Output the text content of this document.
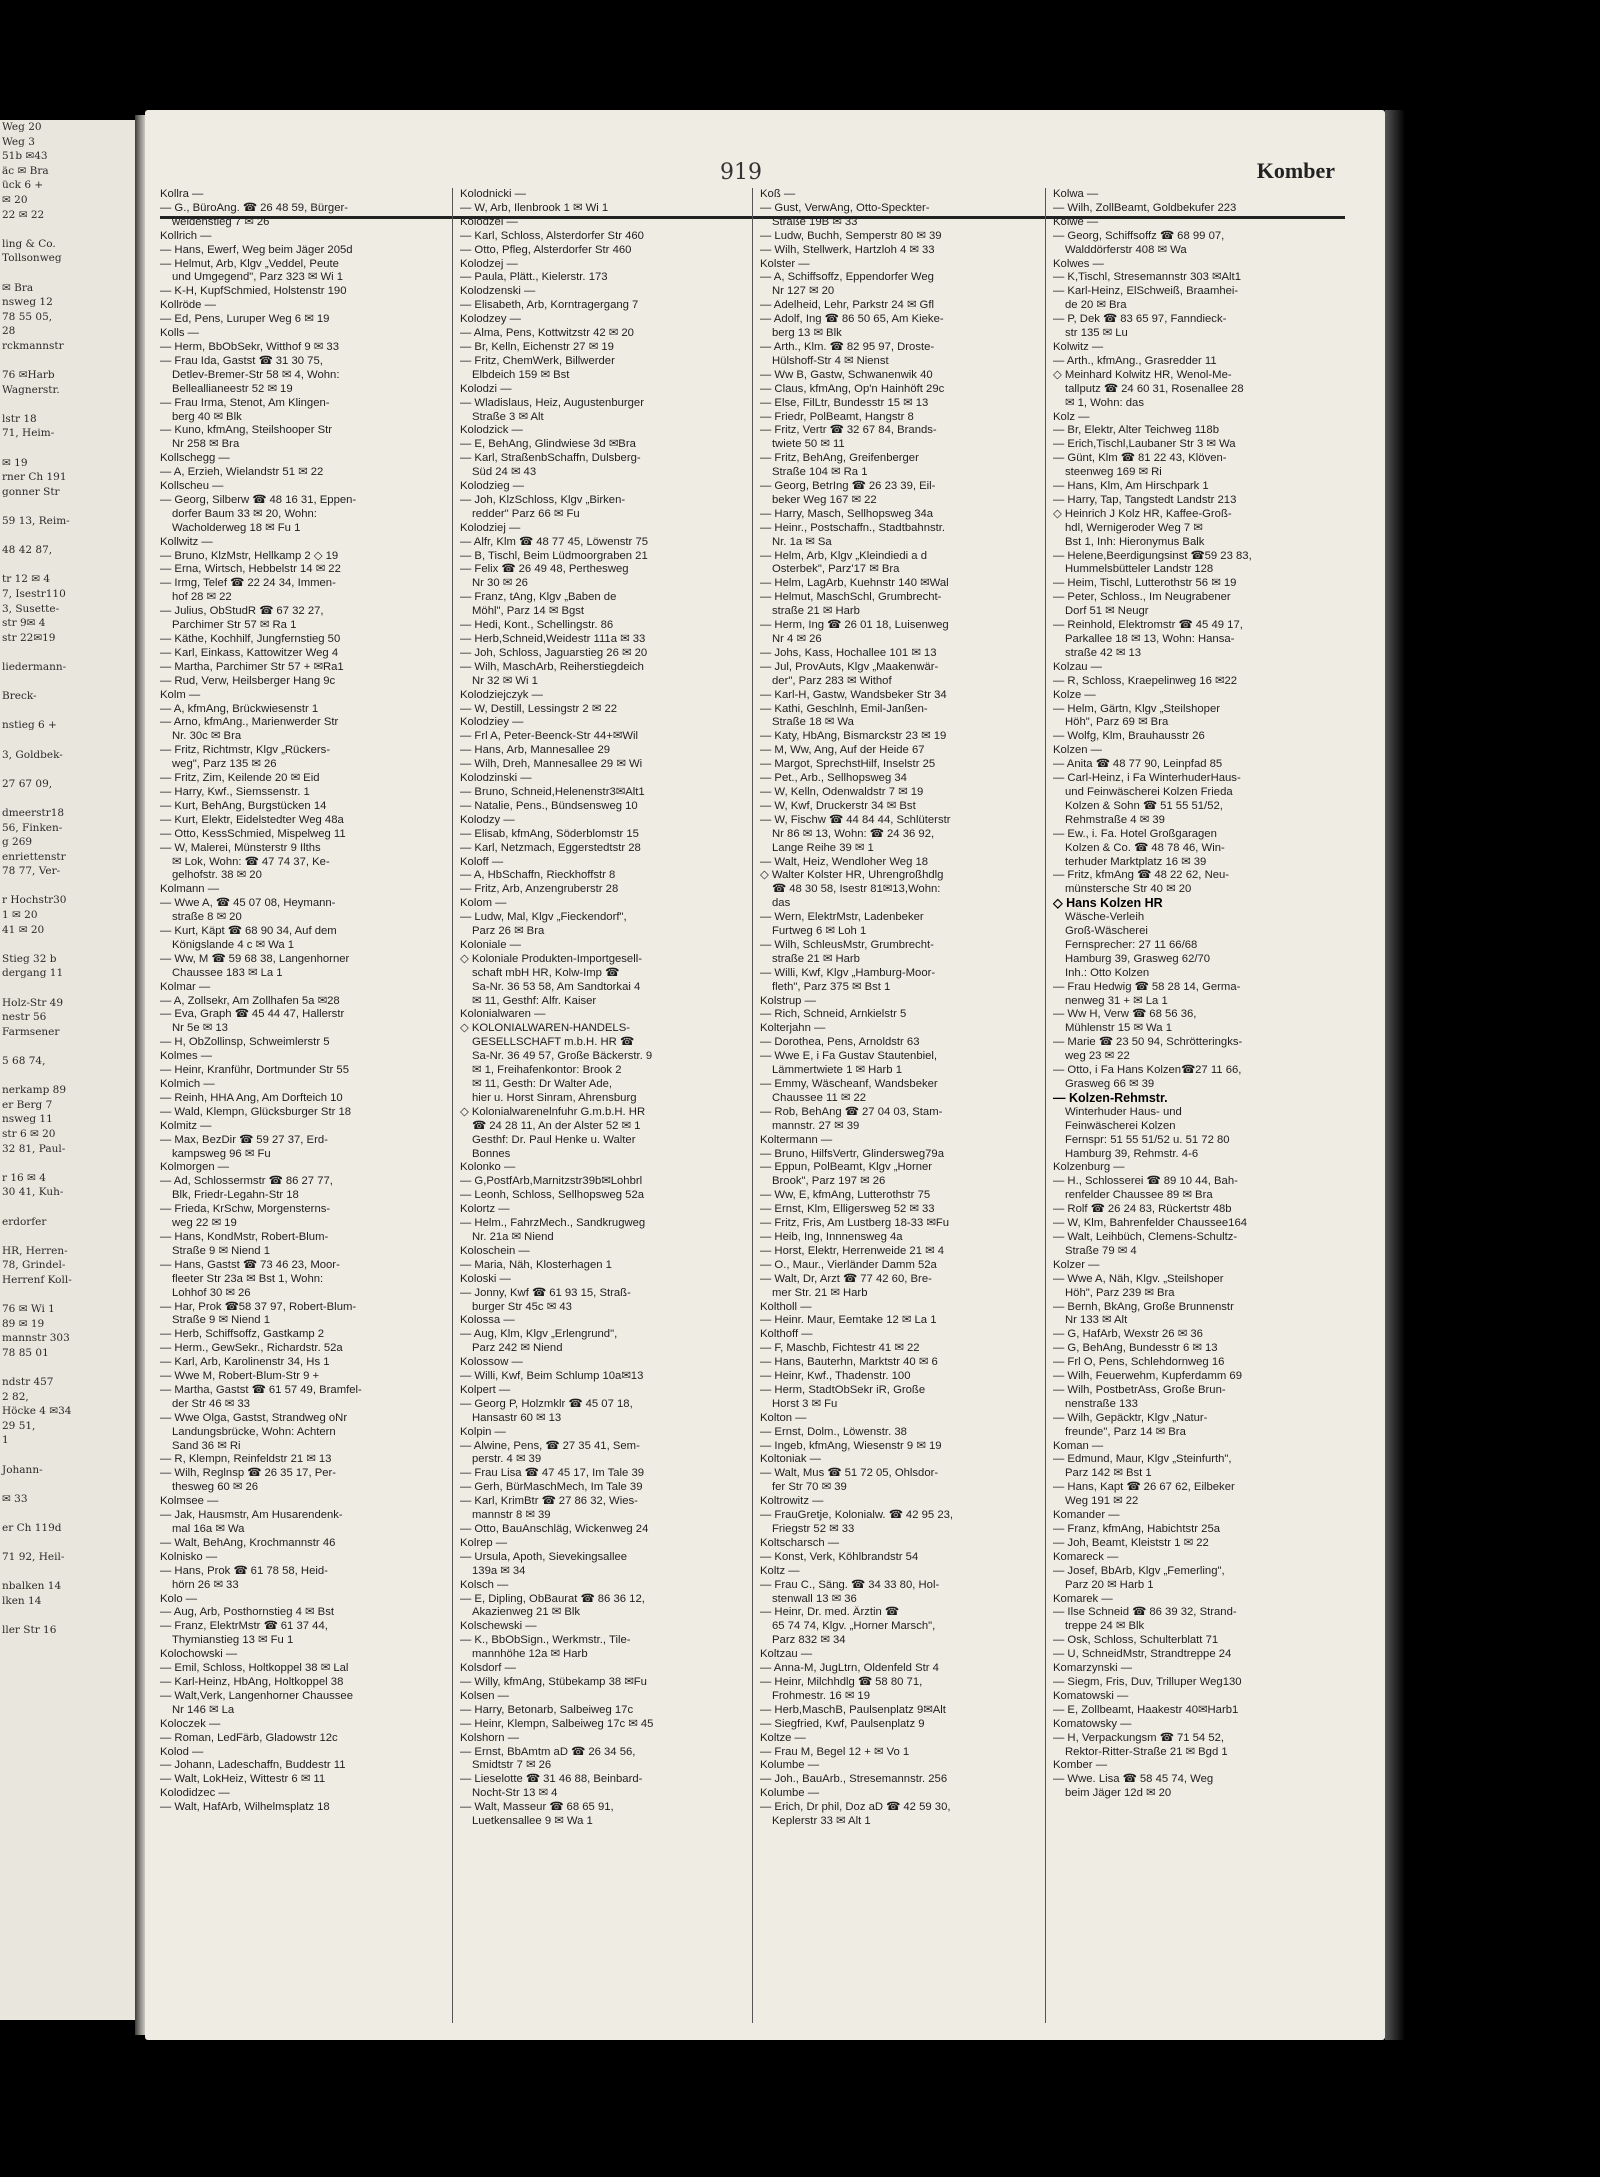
Weg 20
Weg 3
51b ✉43
äc ✉ Bra
ück 6 +
✉ 20
22 ✉ 22

ling & Co.
Tollsonweg

✉ Bra
nsweg 12
78 55 05,
28
rckmannstr

76 ✉Harb
Wagnerstr.

lstr 18
71, Heim-

✉ 19
rner Ch 191
gonner Str

59 13, Reim-

48 42 87,

tr 12 ✉ 4
7, Isestr110
3, Susette-
str 9✉ 4
str 22✉19

liedermann-

Breck-

nstieg 6 +

3, Goldbek-

27 67 09,

dmeerstr18
56, Finken-
g 269
enriettenstr
78 77, Ver-

r Hochstr30
1 ✉ 20
41 ✉ 20

Stieg 32 b
dergang 11

Holz-Str 49
nestr 56
Farmsener

5 68 74,

nerkamp 89
er Berg 7
nsweg 11
str 6 ✉ 20
32 81, Paul-

r 16 ✉ 4
30 41, Kuh-

erdorfer

HR, Herren-
78, Grindel-
Herrenf Koll-

76 ✉ Wi 1
89 ✉ 19
mannstr 303
78 85 01

ndstr 457
2 82,
Höcke 4 ✉34
29 51,
1

Johann-

✉ 33

er Ch 119d

71 92, Heil-

nbalken 14
lken 14

ller Str 16
919	Komber
Kollra —
— G., BüroAng. ☎ 26 48 59, Bürger-
weidenstieg 7 ✉ 26
Kollrich —
— Hans, Ewerf, Weg beim Jäger 205d
— Helmut, Arb, Klgv „Veddel, Peute
und Umgegend", Parz 323 ✉ Wi 1
— K-H, KupfSchmied, Holstenstr 190
Kollröde —
— Ed, Pens, Luruper Weg 6 ✉ 19
Kolls —
— Herm, BbObSekr, Witthof 9 ✉ 33
— Frau Ida, Gastst ☎ 31 30 75,
Detlev-Bremer-Str 58 ✉ 4, Wohn:
Belleallianeestr 52 ✉ 19
— Frau Irma, Stenot, Am Klingen-
berg 40 ✉ Blk
— Kuno, kfmAng, Steilshooper Str
Nr 258 ✉ Bra
Kollschegg —
— A, Erzieh, Wielandstr 51 ✉ 22
Kollscheu —
— Georg, Silberw ☎ 48 16 31, Eppen-
dorfer Baum 33 ✉ 20, Wohn:
Wacholderweg 18 ✉ Fu 1
Kollwitz —
— Bruno, KlzMstr, Hellkamp 2 ◇ 19
— Erna, Wirtsch, Hebbelstr 14 ✉ 22
— Irmg, Telef ☎ 22 24 34, Immen-
hof 28 ✉ 22
— Julius, ObStudR ☎ 67 32 27,
Parchimer Str 57 ✉ Ra 1
— Käthe, Kochhilf, Jungfernstieg 50
— Karl, Einkass, Kattowitzer Weg 4
— Martha, Parchimer Str 57 + ✉Ra1
— Rud, Verw, Heilsberger Hang 9c
Kolm —
— A, kfmAng, Brückwiesenstr 1
— Arno, kfmAng., Marienwerder Str
Nr. 30c ✉ Bra
— Fritz, Richtmstr, Klgv „Rückers-
weg", Parz 135 ✉ 26
— Fritz, Zim, Keilende 20 ✉ Eid
— Harry, Kwf., Siemssenstr. 1
— Kurt, BehAng, Burgstücken 14
— Kurt, Elektr, Eidelstedter Weg 48a
— Otto, KessSchmied, Mispelweg 11
— W, Malerei, Münsterstr 9 Ilths
✉ Lok, Wohn: ☎ 47 74 37, Ke-
gelhofstr. 38 ✉ 20
Kolmann —
— Wwe A, ☎ 45 07 08, Heymann-
straße 8 ✉ 20
— Kurt, Käpt ☎ 68 90 34, Auf dem
Königslande 4 c ✉ Wa 1
— Ww, M ☎ 59 68 38, Langenhorner
Chaussee 183 ✉ La 1
Kolmar —
— A, Zollsekr, Am Zollhafen 5a ✉28
— Eva, Graph ☎ 45 44 47, Hallerstr
Nr 5e ✉ 13
— H, ObZollinsp, Schweimlerstr 5
Kolmes —
— Heinr, Kranführ, Dortmunder Str 55
Kolmich —
— Reinh, HHA Ang, Am Dorfteich 10
— Wald, Klempn, Glücksburger Str 18
Kolmitz —
— Max, BezDir ☎ 59 27 37, Erd-
kampsweg 96 ✉ Fu
Kolmorgen —
— Ad, Schlossermstr ☎ 86 27 77,
Blk, Friedr-Legahn-Str 18
— Frieda, KrSchw, Morgensterns-
weg 22 ✉ 19
— Hans, KondMstr, Robert-Blum-
Straße 9 ✉ Niend 1
— Hans, Gastst ☎ 73 46 23, Moor-
fleeter Str 23a ✉ Bst 1, Wohn:
Lohhof 30 ✉ 26
— Har, Prok ☎58 37 97, Robert-Blum-
Straße 9 ✉ Niend 1
— Herb, Schiffsoffz, Gastkamp 2
— Herm., GewSekr., Richardstr. 52a
— Karl, Arb, Karolinenstr 34, Hs 1
— Wwe M, Robert-Blum-Str 9 +
— Martha, Gastst ☎ 61 57 49, Bramfel-
der Str 46 ✉ 33
— Wwe Olga, Gastst, Strandweg oNr
Landungsbrücke, Wohn: Achtern
Sand 36 ✉ Ri
— R, Klempn, Reinfeldstr 21 ✉ 13
— Wilh, Reglnsp ☎ 26 35 17, Per-
thesweg 60 ✉ 26
Kolmsee —
— Jak, Hausmstr, Am Husarendenk-
mal 16a ✉ Wa
— Walt, BehAng, Krochmannstr 46
Kolnisko —
— Hans, Prok ☎ 61 78 58, Heid-
hörn 26 ✉ 33
Kolo —
— Aug, Arb, Posthornstieg 4 ✉ Bst
— Franz, ElektrMstr ☎ 61 37 44,
Thymianstieg 13 ✉ Fu 1
Kolochowski —
— Emil, Schloss, Holtkoppel 38 ✉ Lal
— Karl-Heinz, HbAng, Holtkoppel 38
— Walt,Verk, Langenhorner Chaussee
Nr 146 ✉ La
Koloczek —
— Roman, LedFärb, Gladowstr 12c
Kolod —
— Johann, Ladeschaffn, Buddestr 11
— Walt, LokHeiz, Wittestr 6 ✉ 11
Kolodidzec —
— Walt, HafArb, Wilhelmsplatz 18
Kolodnicki —
— W, Arb, Ilenbrook 1 ✉ Wi 1
Kolodzei —
— Karl, Schloss, Alsterdorfer Str 460
— Otto, Pfleg, Alsterdorfer Str 460
Kolodzej —
— Paula, Plätt., Kielerstr. 173
Kolodzenski —
— Elisabeth, Arb, Korntragergang 7
Kolodzey —
— Alma, Pens, Kottwitzstr 42 ✉ 20
— Br, Kelln, Eichenstr 27 ✉ 19
— Fritz, ChemWerk, Billwerder
Elbdeich 159 ✉ Bst
Kolodzi —
— Wladislaus, Heiz, Augustenburger
Straße 3 ✉ Alt
Kolodzick —
— E, BehAng, Glindwiese 3d ✉Bra
— Karl, StraßenbSchaffn, Dulsberg-
Süd 24 ✉ 43
Kolodzieg —
— Joh, KlzSchloss, Klgv „Birken-
redder" Parz 66 ✉ Fu
Kolodziej —
— Alfr, Klm ☎ 48 77 45, Löwenstr 75
— B, Tischl, Beim Lüdmoorgraben 21
— Felix ☎ 26 49 48, Perthesweg
Nr 30 ✉ 26
— Franz, tAng, Klgv „Baben de
Möhl", Parz 14 ✉ Bgst
— Hedi, Kont., Schellingstr. 86
— Herb,Schneid,Weidestr 111a ✉ 33
— Joh, Schloss, Jaguarstieg 26 ✉ 20
— Wilh, MaschArb, Reiherstiegdeich
Nr 32 ✉ Wi 1
Kolodziejczyk —
— W, Destill, Lessingstr 2 ✉ 22
Kolodziey —
— Frl A, Peter-Beenck-Str 44+✉Wil
— Hans, Arb, Mannesallee 29
— Wilh, Dreh, Mannesallee 29 ✉ Wi
Kolodzinski —
— Bruno, Schneid,Helenenstr3✉Alt1
— Natalie, Pens., Bündsensweg 10
Kolodzy —
— Elisab, kfmAng, Söderblomstr 15
— Karl, Netzmach, Eggerstedtstr 28
Koloff —
— A, HbSchaffn, Rieckhoffstr 8
— Fritz, Arb, Anzengruberstr 28
Kolom —
— Ludw, Mal, Klgv „Fieckendorf",
Parz 26 ✉ Bra
Koloniale —
◇ Koloniale Produkten-Importgesell-
schaft mbH HR, Kolw-Imp ☎
Sa-Nr. 36 53 58, Am Sandtorkai 4
✉ 11, Gesthf: Alfr. Kaiser
Kolonialwaren —
◇ KOLONIALWAREN-HANDELS-
GESELLSCHAFT m.b.H. HR ☎
Sa-Nr. 36 49 57, Große Bäckerstr. 9
✉ 1, Freihafenkontor: Brook 2
✉ 11, Gesth: Dr Walter Ade,
hier u. Horst Sinram, Ahrensburg
◇ Kolonialwarenelnfuhr G.m.b.H. HR
☎ 24 28 11, An der Alster 52 ✉ 1
Gesthf: Dr. Paul Henke u. Walter
Bonnes
Kolonko —
— G,PostfArb,Marnitzstr39b✉Lohbrl
— Leonh, Schloss, Sellhopsweg 52a
Kolortz —
— Helm., FahrzMech., Sandkrugweg
Nr. 21a ✉ Niend
Koloschein —
— Maria, Näh, Klosterhagen 1
Koloski —
— Jonny, Kwf ☎ 61 93 15, Straß-
burger Str 45c ✉ 43
Kolossa —
— Aug, Klm, Klgv „Erlengrund",
Parz 242 ✉ Niend
Kolossow —
— Willi, Kwf, Beim Schlump 10a✉13
Kolpert —
— Georg P, Holzmklr ☎ 45 07 18,
Hansastr 60 ✉ 13
Kolpin —
— Alwine, Pens, ☎ 27 35 41, Sem-
perstr. 4 ✉ 39
— Frau Lisa ☎ 47 45 17, Im Tale 39
— Gerh, BürMaschMech, Im Tale 39
— Karl, KrimBtr ☎ 27 86 32, Wies-
mannstr 8 ✉ 39
— Otto, BauAnschläg, Wickenweg 24
Kolrep —
— Ursula, Apoth, Sievekingsallee
139a ✉ 34
Kolsch —
— E, Dipling, ObBaurat ☎ 86 36 12,
Akazienweg 21 ✉ Blk
Kolschewski —
— K., BbObSign., Werkmstr., Tile-
mannhöhe 12a ✉ Harb
Kolsdorf —
— Willy, kfmAng, Stübekamp 38 ✉Fu
Kolsen —
— Harry, Betonarb, Salbeiweg 17c
— Heinr, Klempn, Salbeiweg 17c ✉ 45
Kolshorn —
— Ernst, BbAmtm aD ☎ 26 34 56,
Smidtstr 7 ✉ 26
— Lieselotte ☎ 31 46 88, Beinbard-
Nocht-Str 13 ✉ 4
— Walt, Masseur ☎ 68 65 91,
Luetkensallee 9 ✉ Wa 1
Koß —
— Gust, VerwAng, Otto-Speckter-
Straße 19B ✉ 33
— Ludw, Buchh, Semperstr 80 ✉ 39
— Wilh, Stellwerk, Hartzloh 4 ✉ 33
Kolster —
— A, Schiffsoffz, Eppendorfer Weg
Nr 127 ✉ 20
— Adelheid, Lehr, Parkstr 24 ✉ Gfl
— Adolf, Ing ☎ 86 50 65, Am Kieke-
berg 13 ✉ Blk
— Arth., Klm. ☎ 82 95 97, Droste-
Hülshoff-Str 4 ✉ Nienst
— Ww B, Gastw, Schwanenwik 40
— Claus, kfmAng, Op'n Hainhöft 29c
— Else, FilLtr, Bundesstr 15 ✉ 13
— Friedr, PolBeamt, Hangstr 8
— Fritz, Vertr ☎ 32 67 84, Brands-
twiete 50 ✉ 11
— Fritz, BehAng, Greifenberger
Straße 104 ✉ Ra 1
— Georg, BetrIng ☎ 26 23 39, Eil-
beker Weg 167 ✉ 22
— Harry, Masch, Sellhopsweg 34a
— Heinr., Postschaffn., Stadtbahnstr.
Nr. 1a ✉ Sa
— Helm, Arb, Klgv „Kleindiedi a d
Osterbek", Parz'17 ✉ Bra
— Helm, LagArb, Kuehnstr 140 ✉Wal
— Helmut, MaschSchl, Grumbrecht-
straße 21 ✉ Harb
— Herm, Ing ☎ 26 01 18, Luisenweg
Nr 4 ✉ 26
— Johs, Kass, Hochallee 101 ✉ 13
— Jul, ProvAuts, Klgv „Maakenwär-
der", Parz 283 ✉ Withof
— Karl-H, Gastw, Wandsbeker Str 34
— Kathi, Geschlnh, Emil-Janßen-
Straße 18 ✉ Wa
— Katy, HbAng, Bismarckstr 23 ✉ 19
— M, Ww, Ang, Auf der Heide 67
— Margot, SprechstHilf, Inselstr 25
— Pet., Arb., Sellhopsweg 34
— W, Kelln, Odenwaldstr 7 ✉ 19
— W, Kwf, Druckerstr 34 ✉ Bst
— W, Fischw ☎ 44 84 44, Schlüterstr
Nr 86 ✉ 13, Wohn: ☎ 24 36 92,
Lange Reihe 39 ✉ 1
— Walt, Heiz, Wendloher Weg 18
◇ Walter Kolster HR, Uhrengroßhdlg
☎ 48 30 58, Isestr 81✉13,Wohn:
das
— Wern, ElektrMstr, Ladenbeker
Furtweg 6 ✉ Loh 1
— Wilh, SchleusMstr, Grumbrecht-
straße 21 ✉ Harb
— Willi, Kwf, Klgv „Hamburg-Moor-
fleth", Parz 375 ✉ Bst 1
Kolstrup —
— Rich, Schneid, Arnkielstr 5
Kolterjahn —
— Dorothea, Pens, Arnoldstr 63
— Wwe E, i Fa Gustav Stautenbiel,
Lämmertwiete 1 ✉ Harb 1
— Emmy, Wäscheanf, Wandsbeker
Chaussee 11 ✉ 22
— Rob, BehAng ☎ 27 04 03, Stam-
mannstr. 27 ✉ 39
Koltermann —
— Bruno, HilfsVertr, Glindersweg79a
— Eppun, PolBeamt, Klgv „Horner
Brook", Parz 197 ✉ 26
— Ww, E, kfmAng, Lutterothstr 75
— Ernst, Klm, Elligersweg 52 ✉ 33
— Fritz, Fris, Am Lustberg 18-33 ✉Fu
— Heib, Ing, Innnensweg 4a
— Horst, Elektr, Herrenweide 21 ✉ 4
— O., Maur., Vierländer Damm 52a
— Walt, Dr, Arzt ☎ 77 42 60, Bre-
mer Str. 21 ✉ Harb
Koltholl —
— Heinr. Maur, Eemtake 12 ✉ La 1
Kolthoff —
— F, Maschb, Fichtestr 41 ✉ 22
— Hans, Bauterhn, Marktstr 40 ✉ 6
— Heinr, Kwf., Thadenstr. 100
— Herm, StadtObSekr iR, Große
Horst 3 ✉ Fu
Kolton —
— Ernst, Dolm., Löwenstr. 38
— Ingeb, kfmAng, Wiesenstr 9 ✉ 19
Koltoniak —
— Walt, Mus ☎ 51 72 05, Ohlsdor-
fer Str 70 ✉ 39
Koltrowitz —
— FrauGretje, Kolonialw. ☎ 42 95 23,
Friegstr 52 ✉ 33
Koltscharsch —
— Konst, Verk, Köhlbrandstr 54
Koltz —
— Frau C., Säng. ☎ 34 33 80, Hol-
stenwall 13 ✉ 36
— Heinr, Dr. med. Ärztin ☎
65 74 74, Klgv. „Horner Marsch",
Parz 832 ✉ 34
Koltzau —
— Anna-M, JugLtrn, Oldenfeld Str 4
— Heinr, Milchhdlg ☎ 58 80 71,
Frohmestr. 16 ✉ 19
— Herb,MaschB, Paulsenplatz 9✉Alt
— Siegfried, Kwf, Paulsenplatz 9
Koltze —
— Frau M, Begel 12 + ✉ Vo 1
Kolumbe —
— Joh., BauArb., Stresemannstr. 256
Kolumbe —
— Erich, Dr phil, Doz aD ☎ 42 59 30,
Keplerstr 33 ✉ Alt 1
Kolwa —
— Wilh, ZollBeamt, Goldbekufer 223
Kolwe —
— Georg, Schiffsoffz ☎ 68 99 07,
Walddörferstr 408 ✉ Wa
Kolwes —
— K,Tischl, Stresemannstr 303 ✉Alt1
— Karl-Heinz, ElSchweiß, Braamhei-
de 20 ✉ Bra
— P, Dek ☎ 83 65 97, Fanndieck-
str 135 ✉ Lu
Kolwitz —
— Arth., kfmAng., Grasredder 11
◇ Meinhard Kolwitz HR, Wenol-Me-
tallputz ☎ 24 60 31, Rosenallee 28
✉ 1, Wohn: das
Kolz —
— Br, Elektr, Alter Teichweg 118b
— Erich,Tischl,Laubaner Str 3 ✉ Wa
— Günt, Klm ☎ 81 22 43, Klöven-
steenweg 169 ✉ Ri
— Hans, Klm, Am Hirschpark 1
— Harry, Tap, Tangstedt Landstr 213
◇ Heinrich J Kolz HR, Kaffee-Groß-
hdl, Wernigeroder Weg 7 ✉
Bst 1, Inh: Hieronymus Balk
— Helene,Beerdigungsinst ☎59 23 83,
Hummelsbütteler Landstr 128
— Heim, Tischl, Lutterothstr 56 ✉ 19
— Peter, Schloss., Im Neugrabener
Dorf 51 ✉ Neugr
— Reinhold, Elektromstr ☎ 45 49 17,
Parkallee 18 ✉ 13, Wohn: Hansa-
straße 42 ✉ 13
Kolzau —
— R, Schloss, Kraepelinweg 16 ✉22
Kolze —
— Helm, Gärtn, Klgv „Steilshoper
Höh", Parz 69 ✉ Bra
— Wolfg, Klm, Brauhausstr 26
Kolzen —
— Anita ☎ 48 77 90, Leinpfad 85
— Carl-Heinz, i Fa WinterhuderHaus-
und Feinwäscherei Kolzen Frieda
Kolzen & Sohn ☎ 51 55 51/52,
Rehmstraße 4 ✉ 39
— Ew., i. Fa. Hotel Großgaragen
Kolzen & Co. ☎ 48 78 46, Win-
terhuder Marktplatz 16 ✉ 39
— Fritz, kfmAng ☎ 48 22 62, Neu-
münstersche Str 40 ✉ 20
◇ Hans Kolzen HR
Wäsche-Verleih
Groß-Wäscherei
Fernsprecher: 27 11 66/68
Hamburg 39, Grasweg 62/70
Inh.: Otto Kolzen
— Frau Hedwig ☎ 58 28 14, Germa-
nenweg 31 + ✉ La 1
— Ww H, Verw ☎ 68 56 36,
Mühlenstr 15 ✉ Wa 1
— Marie ☎ 23 50 94, Schrötteringks-
weg 23 ✉ 22
— Otto, i Fa Hans Kolzen☎27 11 66,
Grasweg 66 ✉ 39
— Kolzen-Rehmstr.
Winterhuder Haus- und
Feinwäscherei Kolzen
Fernspr: 51 55 51/52 u. 51 72 80
Hamburg 39, Rehmstr. 4-6
Kolzenburg —
— H., Schlosserei ☎ 89 10 44, Bah-
renfelder Chaussee 89 ✉ Bra
— Rolf ☎ 26 24 83, Rückertstr 48b
— W, Klm, Bahrenfelder Chaussee164
— Walt, Leihbüch, Clemens-Schultz-
Straße 79 ✉ 4
Kolzer —
— Wwe A, Näh, Klgv. „Steilshoper
Höh", Parz 239 ✉ Bra
— Bernh, BkAng, Große Brunnenstr
Nr 133 ✉ Alt
— G, HafArb, Wexstr 26 ✉ 36
— G, BehAng, Bundesstr 6 ✉ 13
— Frl O, Pens, Schlehdornweg 16
— Wilh, Feuerwehm, Kupferdamm 69
— Wilh, PostbetrAss, Große Brun-
nenstraße 133
— Wilh, Gepäcktr, Klgv „Natur-
freunde", Parz 14 ✉ Bra
Koman —
— Edmund, Maur, Klgv „Steinfurth",
Parz 142 ✉ Bst 1
— Hans, Kapt ☎ 26 67 62, Eilbeker
Weg 191 ✉ 22
Komander —
— Franz, kfmAng, Habichtstr 25a
— Joh, Beamt, Kleiststr 1 ✉ 22
Komareck —
— Josef, BbArb, Klgv „Femerling",
Parz 20 ✉ Harb 1
Komarek —
— Ilse Schneid ☎ 86 39 32, Strand-
treppe 24 ✉ Blk
— Osk, Schloss, Schulterblatt 71
— U, SchneidMstr, Strandtreppe 24
Komarzynski —
— Siegm, Fris, Duv, Trilluper Weg130
Komatowski —
— E, Zollbeamt, Haakestr 40✉Harb1
Komatowsky —
— H, Verpackungsm ☎ 71 54 52,
Rektor-Ritter-Straße 21 ✉ Bgd 1
Komber —
— Wwe. Lisa ☎ 58 45 74, Weg
beim Jäger 12d ✉ 20
